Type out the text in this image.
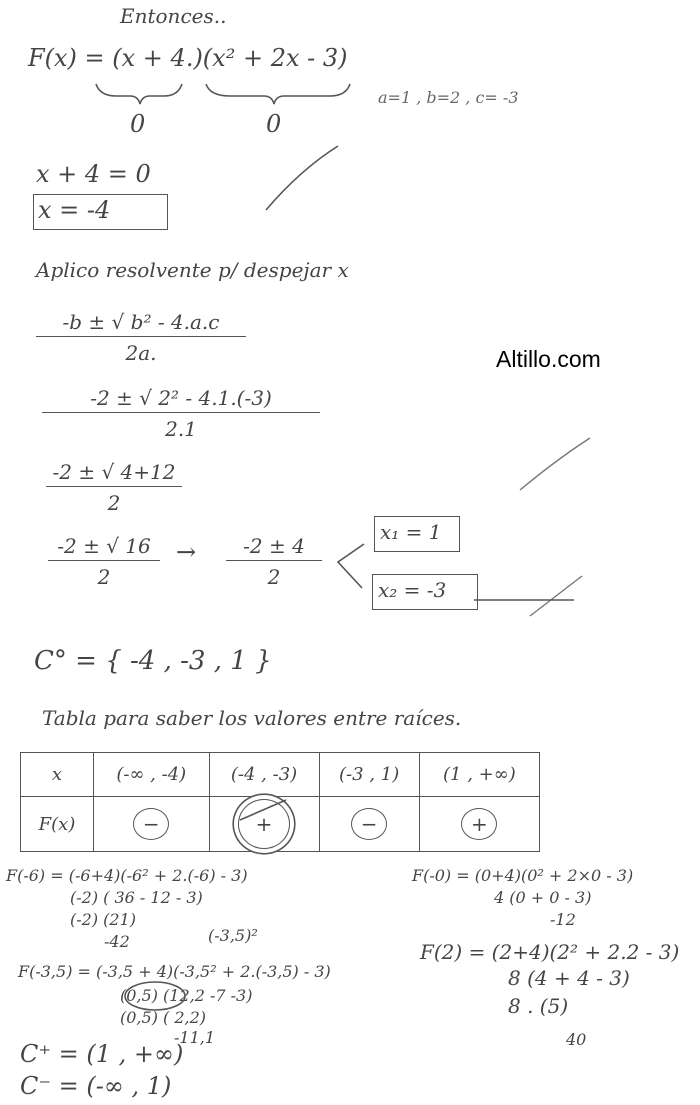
Entonces..
F(x) = (x + 4.)(x² + 2x - 3)
0	0
a=1 , b=2 , c= -3
x + 4 = 0
x = -4
Aplico resolvente p/ despejar x
-b ± √ b² - 4.a.c
2a.
-2 ± √ 2² - 4.1.(-3)
2.1
-2 ± √ 4+12
2
-2 ± √ 16
2
→	-2 ± 4
2
x₁ = 1
x₂ = -3
Altillo.com
C° = { -4 , -3 , 1 }
Tabla para saber los valores entre raíces.
x	(-∞ , -4)	(-4 , -3)	(-3 , 1)	(1 , +∞)
F(x)	−	+	−	+
F(-6) = (-6+4)(-6² + 2.(-6) - 3)
(-2) ( 36 - 12 - 3)
(-2) (21)
-42	(-3,5)²
F(-3,5) = (-3,5 + 4)(-3,5² + 2.(-3,5) - 3)
(0,5) (12,2 -7 -3)
(0,5) ( 2,2)
-11,1
F(-0) = (0+4)(0² + 2×0 - 3)
4 (0 + 0 - 3)
-12
F(2) = (2+4)(2² + 2.2 - 3)
8 (4 + 4 - 3)
8 . (5)
40
C⁺ = (1 , +∞)
C⁻ = (-∞ , 1)
